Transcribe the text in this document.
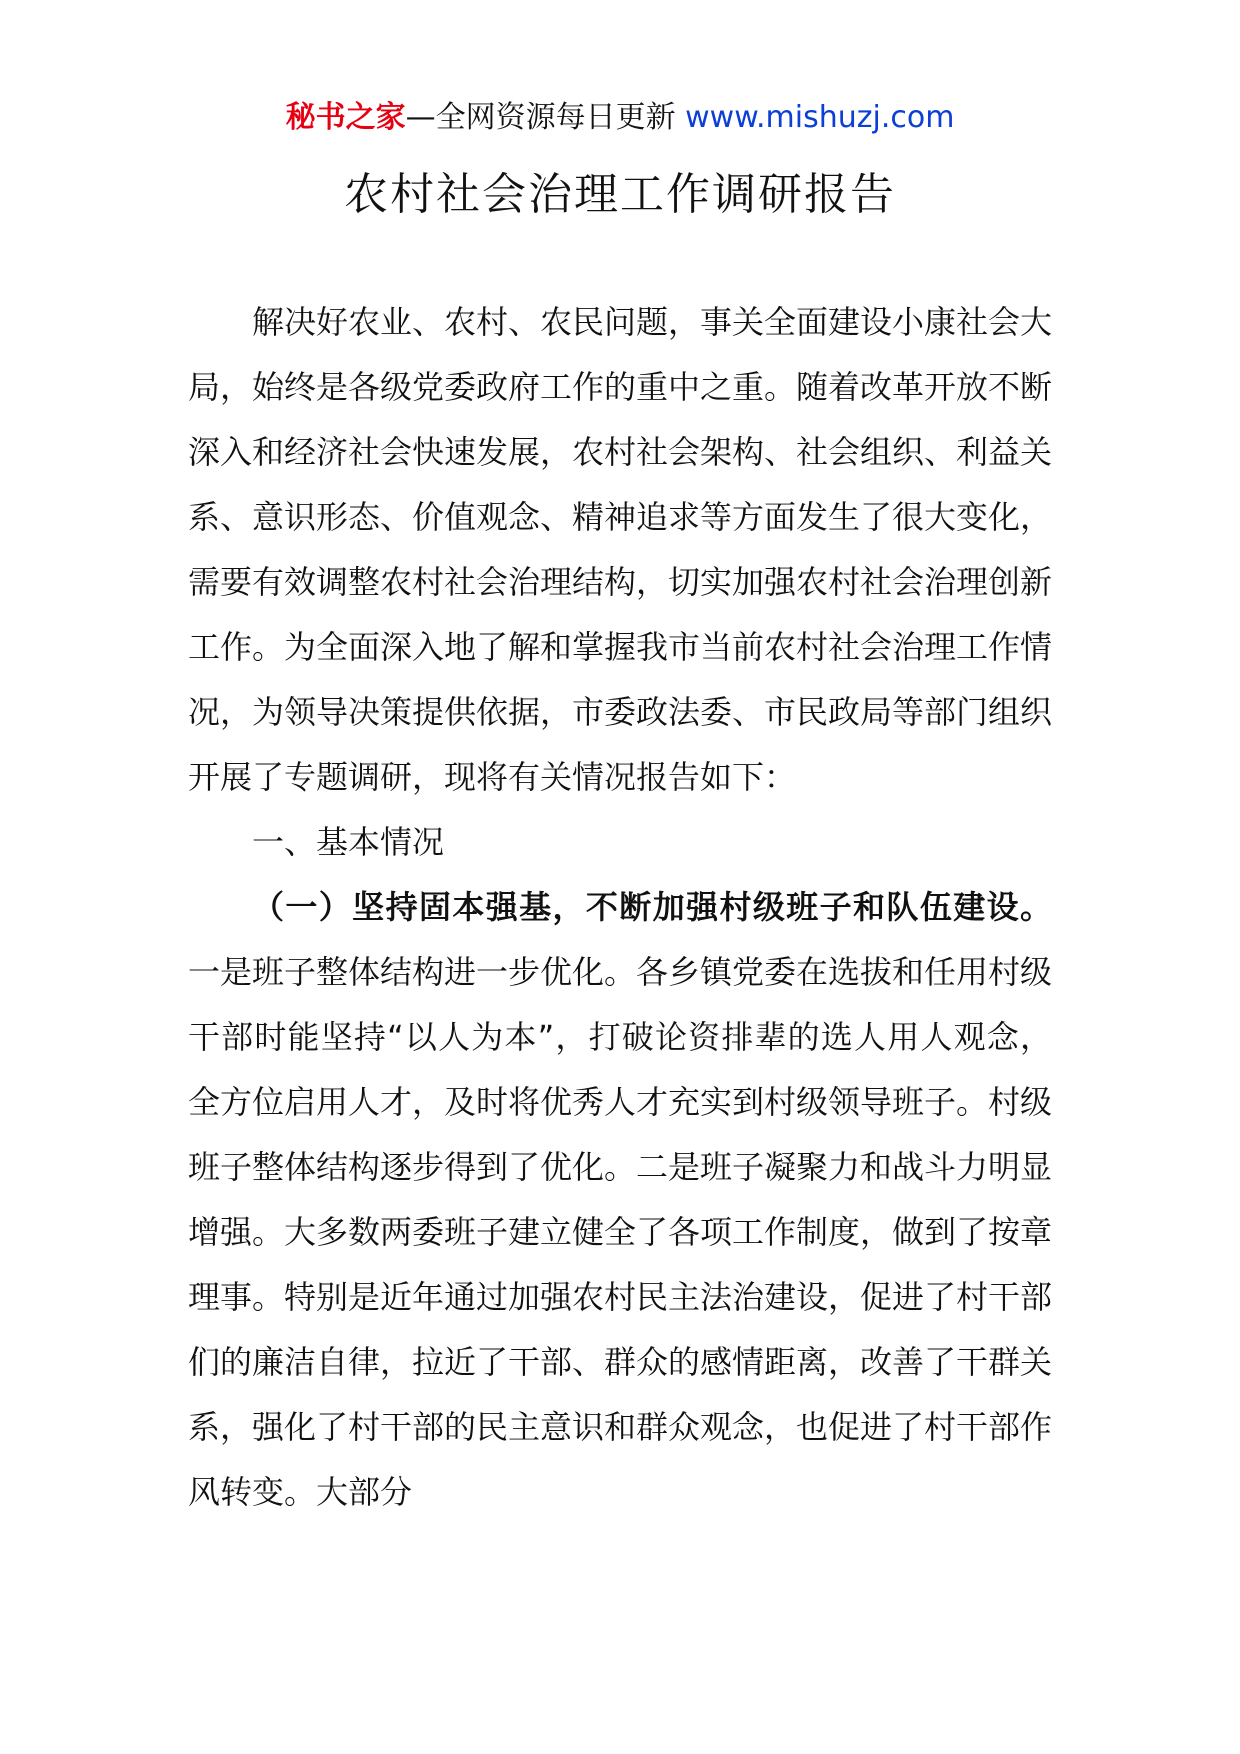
秘书之家—全网资源每日更新 www.mishuzj.com
农村社会治理工作调研报告

解决好农业、农村、农民问题，事关全面建设小康社会大局，始终是各级党委政府工作的重中之重。随着改革开放不断深入和经济社会快速发展，农村社会架构、社会组织、利益关系、意识形态、价值观念、精神追求等方面发生了很大变化，需要有效调整农村社会治理结构，切实加强农村社会治理创新工作。为全面深入地了解和掌握我市当前农村社会治理工作情况，为领导决策提供依据，市委政法委、市民政局等部门组织开展了专题调研，现将有关情况报告如下：

一、基本情况

（一）坚持固本强基，不断加强村级班子和队伍建设。一是班子整体结构进一步优化。各乡镇党委在选拔和任用村级干部时能坚持“以人为本”，打破论资排辈的选人用人观念，全方位启用人才，及时将优秀人才充实到村级领导班子。村级班子整体结构逐步得到了优化。二是班子凝聚力和战斗力明显增强。大多数两委班子建立健全了各项工作制度，做到了按章理事。特别是近年通过加强农村民主法治建设，促进了村干部们的廉洁自律，拉近了干部、群众的感情距离，改善了干群关系，强化了村干部的民主意识和群众观念，也促进了村干部作风转变。大部分
